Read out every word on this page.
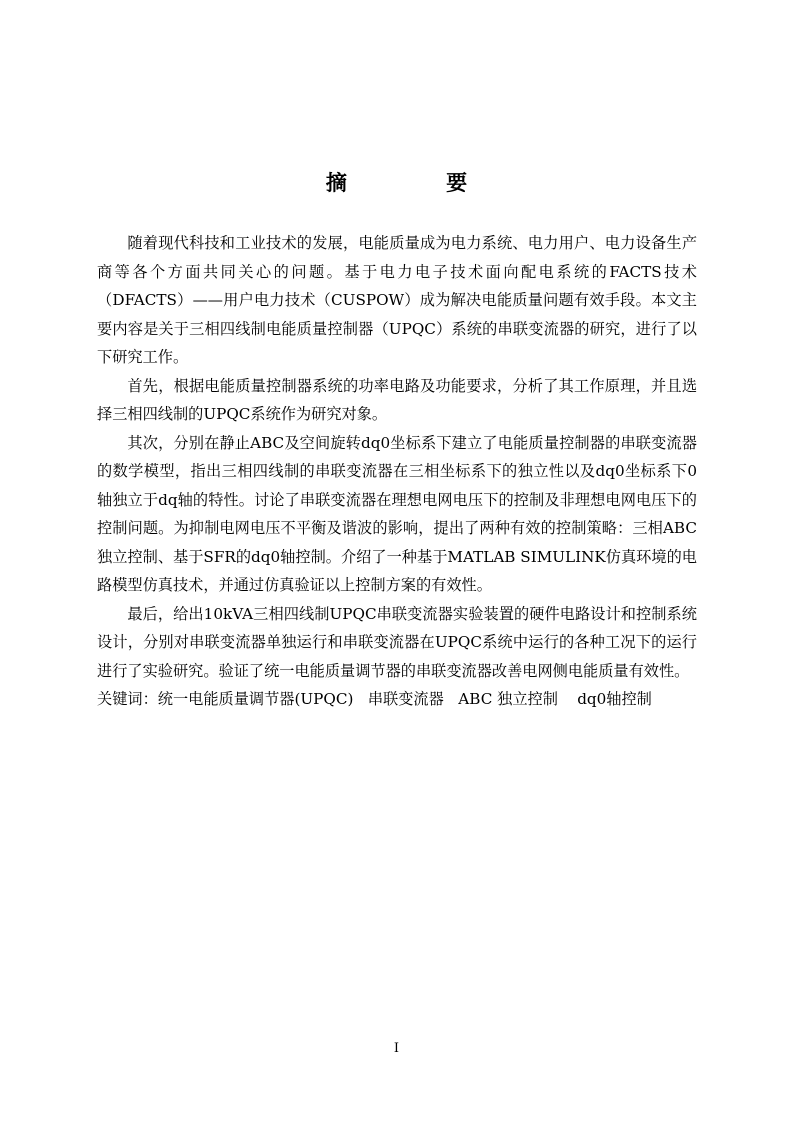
摘 要

随着现代科技和工业技术的发展，电能质量成为电力系统、电力用户、电力设备生产商等各个方面共同关心的问题。基于电力电子技术面向配电系统的FACTS技术（DFACTS）——用户电力技术（CUSPOW）成为解决电能质量问题有效手段。本文主要内容是关于三相四线制电能质量控制器（UPQC）系统的串联变流器的研究，进行了以下研究工作。

首先，根据电能质量控制器系统的功率电路及功能要求，分析了其工作原理，并且选择三相四线制的UPQC系统作为研究对象。

其次，分别在静止ABC及空间旋转dq0坐标系下建立了电能质量控制器的串联变流器的数学模型，指出三相四线制的串联变流器在三相坐标系下的独立性以及dq0坐标系下0轴独立于dq轴的特性。讨论了串联变流器在理想电网电压下的控制及非理想电网电压下的控制问题。为抑制电网电压不平衡及谐波的影响，提出了两种有效的控制策略：三相ABC独立控制、基于SFR的dq0轴控制。介绍了一种基于MATLAB SIMULINK仿真环境的电路模型仿真技术，并通过仿真验证以上控制方案的有效性。

最后，给出10kVA三相四线制UPQC串联变流器实验装置的硬件电路设计和控制系统设计，分别对串联变流器单独运行和串联变流器在UPQC系统中运行的各种工况下的运行进行了实验研究。验证了统一电能质量调节器的串联变流器改善电网侧电能质量有效性。

关键词：统一电能质量调节器(UPQC)   串联变流器   ABC 独立控制    dq0轴控制

I
